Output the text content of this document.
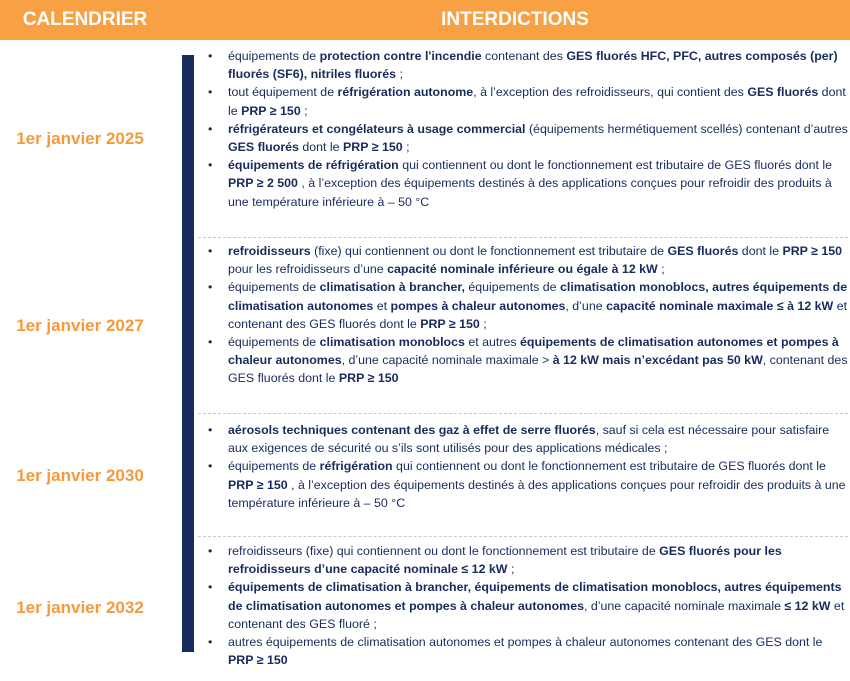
CALENDRIER	INTERDICTIONS
1er janvier 2025
1er janvier 2027
1er janvier 2030
1er janvier 2032
• équipements de protection contre l'incendie contenant des GES fluorés HFC, PFC, autres composés (per) fluorés (SF6), nitriles fluorés ;
• tout équipement de réfrigération autonome, à l’exception des refroidisseurs, qui contient des GES fluorés dont le PRP ≥ 150 ;
• réfrigérateurs et congélateurs à usage commercial (équipements hermétiquement scellés) contenant d’autres GES fluorés dont le PRP ≥ 150 ;
• équipements de réfrigération qui contiennent ou dont le fonctionnement est tributaire de GES fluorés dont le PRP ≥ 2 500 , à l’exception des équipements destinés à des applications conçues pour refroidir des produits à une température inférieure à – 50 °C
• refroidisseurs (fixe) qui contiennent ou dont le fonctionnement est tributaire de GES fluorés dont le PRP ≥ 150 pour les refroidisseurs d’une capacité nominale inférieure ou égale à 12 kW ;
• équipements de climatisation à brancher, équipements de climatisation monoblocs, autres équipements de climatisation autonomes et pompes à chaleur autonomes, d’une capacité nominale maximale ≤ à 12 kW et contenant des GES fluorés dont le PRP ≥ 150 ;
• équipements de climatisation monoblocs et autres équipements de climatisation autonomes et pompes à chaleur autonomes, d’une capacité nominale maximale > à 12 kW mais n’excédant pas 50 kW, contenant des GES fluorés dont le PRP ≥ 150
• aérosols techniques contenant des gaz à effet de serre fluorés, sauf si cela est nécessaire pour satisfaire aux exigences de sécurité ou s’ils sont utilisés pour des applications médicales ;
• équipements de réfrigération qui contiennent ou dont le fonctionnement est tributaire de GES fluorés dont le PRP ≥ 150 , à l’exception des équipements destinés à des applications conçues pour refroidir des produits à une température inférieure à – 50 °C
• refroidisseurs (fixe) qui contiennent ou dont le fonctionnement est tributaire de GES fluorés pour les refroidisseurs d’une capacité nominale ≤ 12 kW ;
• équipements de climatisation à brancher, équipements de climatisation monoblocs, autres équipements de climatisation autonomes et pompes à chaleur autonomes, d’une capacité nominale maximale ≤ 12 kW et contenant des GES fluoré ;
• autres équipements de climatisation autonomes et pompes à chaleur autonomes contenant des GES dont le PRP ≥ 150
